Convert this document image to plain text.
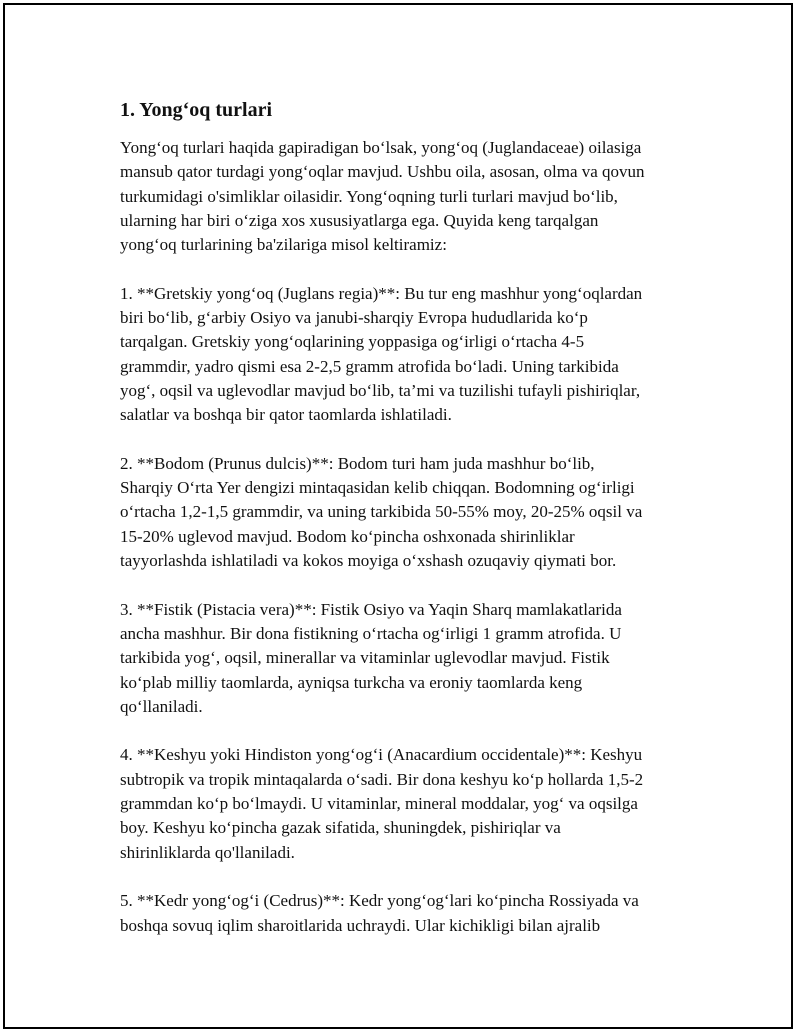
1. Yong‘oq turlari
Yong‘oq turlari haqida gapiradigan bo‘lsak, yong‘oq (Juglandaceae) oilasiga
mansub qator turdagi yong‘oqlar mavjud. Ushbu oila, asosan, olma va qovun
turkumidagi o'simliklar oilasidir. Yong‘oqning turli turlari mavjud bo‘lib,
ularning har biri o‘ziga xos xususiyatlarga ega. Quyida keng tarqalgan
yong‘oq turlarining ba'zilariga misol keltiramiz:
1. **Gretskiy yong‘oq (Juglans regia)**: Bu tur eng mashhur yong‘oqlardan
biri bo‘lib, g‘arbiy Osiyo va janubi-sharqiy Evropa hududlarida ko‘p
tarqalgan. Gretskiy yong‘oqlarining yoppasiga og‘irligi o‘rtacha 4-5
grammdir, yadro qismi esa 2-2,5 gramm atrofida bo‘ladi. Uning tarkibida
yog‘, oqsil va uglevodlar mavjud bo‘lib, ta’mi va tuzilishi tufayli pishiriqlar,
salatlar va boshqa bir qator taomlarda ishlatiladi.
2. **Bodom (Prunus dulcis)**: Bodom turi ham juda mashhur bo‘lib,
Sharqiy O‘rta Yer dengizi mintaqasidan kelib chiqqan. Bodomning og‘irligi
o‘rtacha 1,2-1,5 grammdir, va uning tarkibida 50-55% moy, 20-25% oqsil va
15-20% uglevod mavjud. Bodom ko‘pincha oshxonada shirinliklar
tayyorlashda ishlatiladi va kokos moyiga o‘xshash ozuqaviy qiymati bor.
3. **Fistik (Pistacia vera)**: Fistik Osiyo va Yaqin Sharq mamlakatlarida
ancha mashhur. Bir dona fistikning o‘rtacha og‘irligi 1 gramm atrofida. U
tarkibida yog‘, oqsil, minerallar va vitaminlar uglevodlar mavjud. Fistik
ko‘plab milliy taomlarda, ayniqsa turkcha va eroniy taomlarda keng
qo‘llaniladi.
4. **Keshyu yoki Hindiston yong‘og‘i (Anacardium occidentale)**: Keshyu
subtropik va tropik mintaqalarda o‘sadi. Bir dona keshyu ko‘p hollarda 1,5-2
grammdan ko‘p bo‘lmaydi. U vitaminlar, mineral moddalar, yog‘ va oqsilga
boy. Keshyu ko‘pincha gazak sifatida, shuningdek, pishiriqlar va
shirinliklarda qo'llaniladi.
5. **Kedr yong‘og‘i (Cedrus)**: Kedr yong‘og‘lari ko‘pincha Rossiyada va
boshqa sovuq iqlim sharoitlarida uchraydi. Ular kichikligi bilan ajralib
